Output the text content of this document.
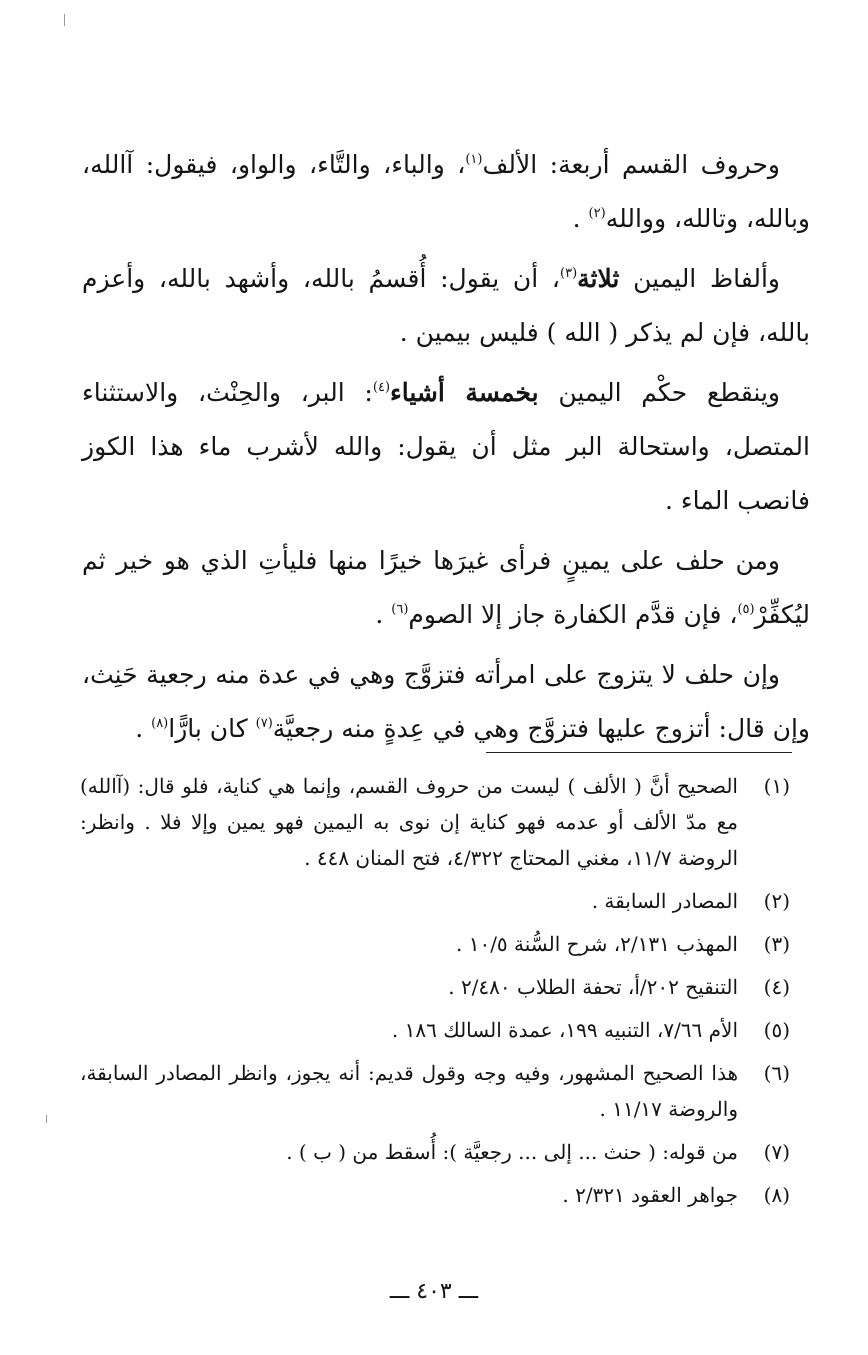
وحروف القسم أربعة: الألف$^{(١)}$، والباء، والتَّاء، والواو، فيقول: آالله، وبالله، وتالله، ووالله$^{(٢)}$ .

وألفاظ اليمين ثلاثة$^{(٣)}$، أن يقول: أُقسمُ بالله، وأشهد بالله، وأعزم بالله، فإن لم يذكر ( الله ) فليس بيمين .

وينقطع حكْم اليمين بخمسة أشياء$^{(٤)}$: البر، والحِنْث، والاستثناء المتصل، واستحالة البر مثل أن يقول: والله لأشرب ماء هذا الكوز فانصب الماء .

ومن حلف على يمينٍ فرأى غيرَها خيرًا منها فليأتِ الذي هو خير ثم ليُكفِّرْ$^{(٥)}$، فإن قدَّم الكفارة جاز إلا الصوم$^{(٦)}$ .

وإن حلف لا يتزوج على امرأته فتزوَّج وهي في عدة منه رجعية حَنِث، وإن قال: أتزوج عليها فتزوَّج وهي في عِدةٍ منه رجعيَّة$^{(٧)}$ كان بارًّا$^{(٨)}$ .

(١)
الصحيح أنَّ ( الألف ) ليست من حروف القسم، وإنما هي كناية، فلو قال: (آالله) مع مدّ الألف أو عدمه فهو كناية إن نوى به اليمين فهو يمين وإلا فلا . وانظر: الروضة ١١/٧، مغني المحتاج ٤/٣٢٢، فتح المنان ٤٤٨ .
(٢)
المصادر السابقة .
(٣)
المهذب ٢/١٣١، شرح السُّنة ١٠/٥ .
(٤)
التنقيح ٢٠٢/أ، تحفة الطلاب ٢/٤٨٠ .
(٥)
الأم ٧/٦٦، التنبيه ١٩٩، عمدة السالك ١٨٦ .
(٦)
هذا الصحيح المشهور، وفيه وجه وقول قديم: أنه يجوز، وانظر المصادر السابقة، والروضة ١١/١٧ .
(٧)
من قوله: ( حنث ... إلى ... رجعيَّة ): أُسقط من ( ب ) .
(٨)
جواهر العقود ٢/٣٢١ .
ـــ ٤٠٣ ـــ
